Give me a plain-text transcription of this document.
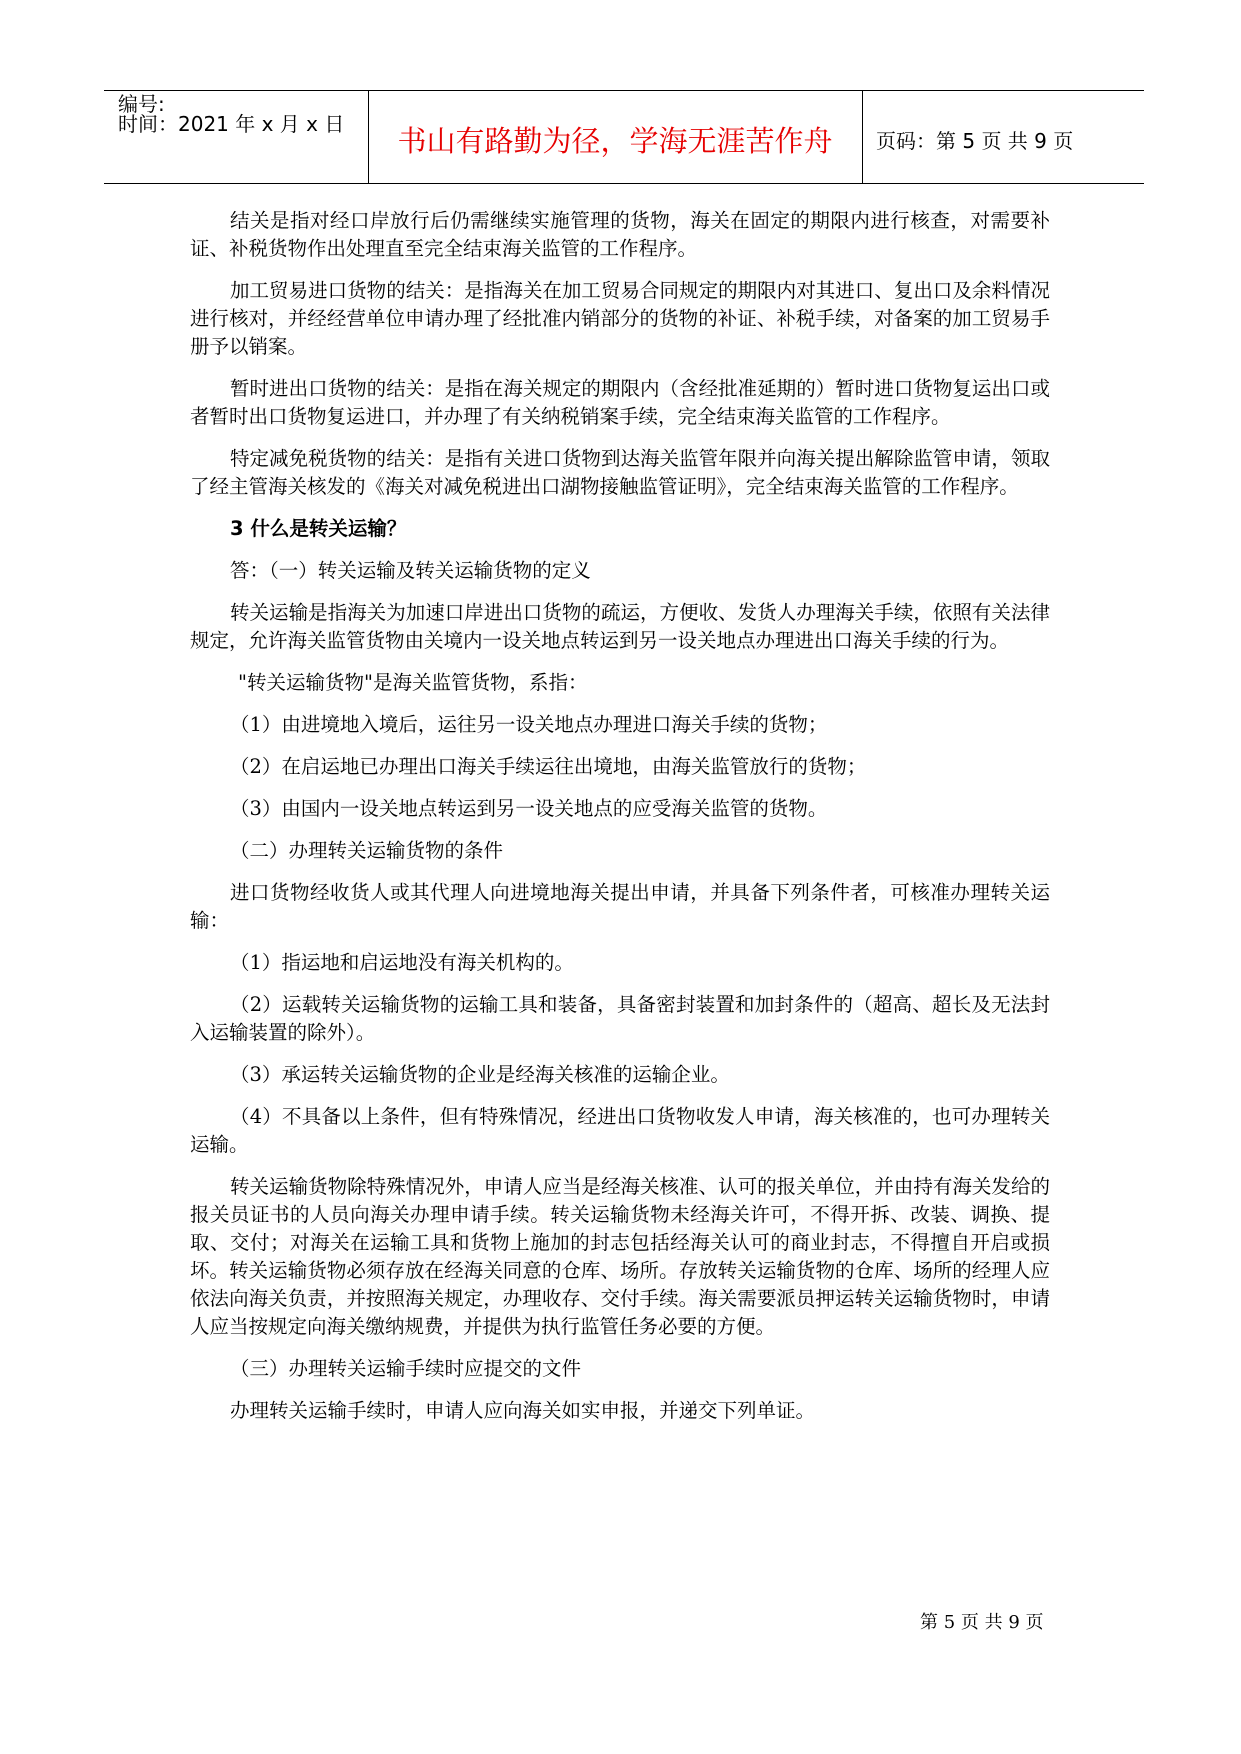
编号:
时间：2021 年 x 月 x 日	书山有路勤为径，学海无涯苦作舟	页码：第 5 页 共 9 页

结关是指对经口岸放行后仍需继续实施管理的货物，海关在固定的期限内进行核查，对需要补证、补税货物作出处理直至完全结束海关监管的工作程序。

加工贸易进口货物的结关：是指海关在加工贸易合同规定的期限内对其进口、复出口及余料情况进行核对，并经经营单位申请办理了经批准内销部分的货物的补证、补税手续，对备案的加工贸易手册予以销案。

暂时进出口货物的结关：是指在海关规定的期限内（含经批准延期的）暂时进口货物复运出口或者暂时出口货物复运进口，并办理了有关纳税销案手续，完全结束海关监管的工作程序。

特定减免税货物的结关：是指有关进口货物到达海关监管年限并向海关提出解除监管申请，领取了经主管海关核发的《海关对减免税进出口湖物接触监管证明》，完全结束海关监管的工作程序。

3 什么是转关运输？

答：（一）转关运输及转关运输货物的定义

转关运输是指海关为加速口岸进出口货物的疏运，方便收、发货人办理海关手续，依照有关法律规定，允许海关监管货物由关境内一设关地点转运到另一设关地点办理进出口海关手续的行为。

"转关运输货物"是海关监管货物，系指：

（1）由进境地入境后，运往另一设关地点办理进口海关手续的货物；

（2）在启运地已办理出口海关手续运往出境地，由海关监管放行的货物；

（3）由国内一设关地点转运到另一设关地点的应受海关监管的货物。

（二）办理转关运输货物的条件

进口货物经收货人或其代理人向进境地海关提出申请，并具备下列条件者，可核准办理转关运输：

（1）指运地和启运地没有海关机构的。

（2）运载转关运输货物的运输工具和装备，具备密封装置和加封条件的（超高、超长及无法封入运输装置的除外）。

（3）承运转关运输货物的企业是经海关核准的运输企业。

（4）不具备以上条件，但有特殊情况，经进出口货物收发人申请，海关核准的，也可办理转关运输。

转关运输货物除特殊情况外，申请人应当是经海关核准、认可的报关单位，并由持有海关发给的报关员证书的人员向海关办理申请手续。转关运输货物未经海关许可，不得开拆、改装、调换、提取、交付；对海关在运输工具和货物上施加的封志包括经海关认可的商业封志，不得擅自开启或损坏。转关运输货物必须存放在经海关同意的仓库、场所。存放转关运输货物的仓库、场所的经理人应依法向海关负责，并按照海关规定，办理收存、交付手续。海关需要派员押运转关运输货物时，申请人应当按规定向海关缴纳规费，并提供为执行监管任务必要的方便。

（三）办理转关运输手续时应提交的文件

办理转关运输手续时，申请人应向海关如实申报，并递交下列单证。

第 5 页 共 9 页
